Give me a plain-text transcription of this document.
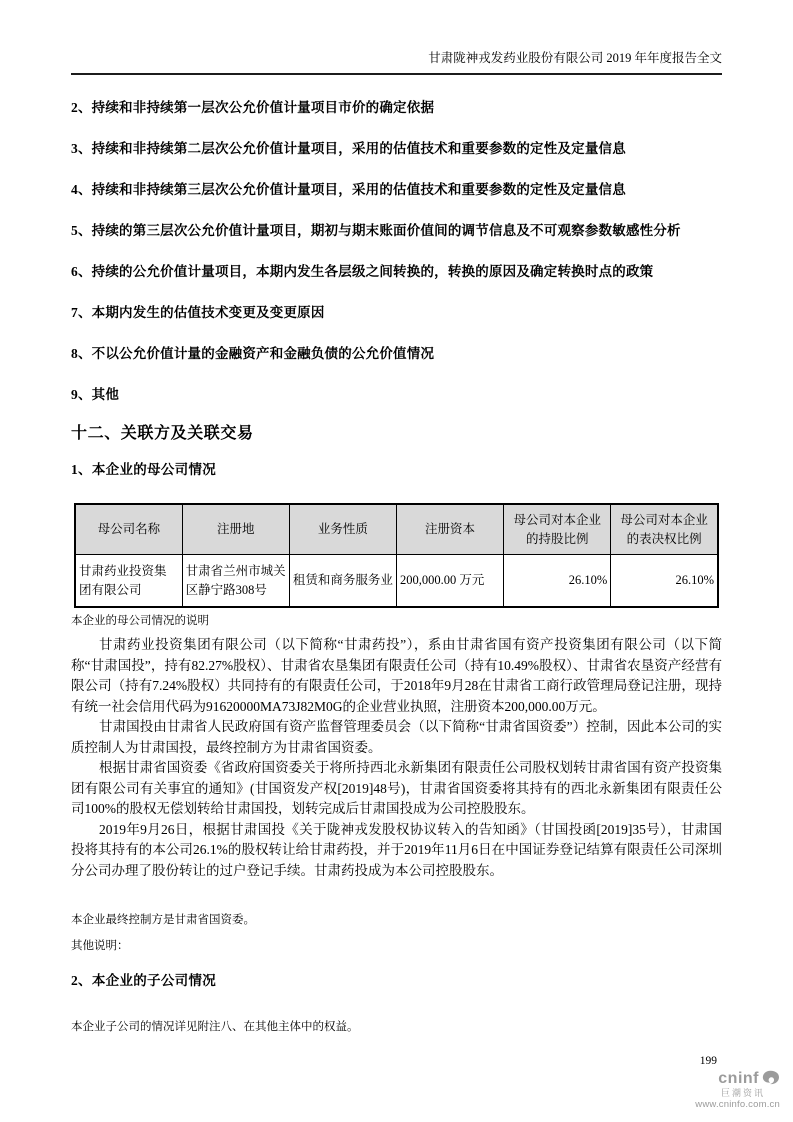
甘肃陇神戎发药业股份有限公司 2019 年年度报告全文
2、持续和非持续第一层次公允价值计量项目市价的确定依据
3、持续和非持续第二层次公允价值计量项目，采用的估值技术和重要参数的定性及定量信息
4、持续和非持续第三层次公允价值计量项目，采用的估值技术和重要参数的定性及定量信息
5、持续的第三层次公允价值计量项目，期初与期末账面价值间的调节信息及不可观察参数敏感性分析
6、持续的公允价值计量项目，本期内发生各层级之间转换的，转换的原因及确定转换时点的政策
7、本期内发生的估值技术变更及变更原因
8、不以公允价值计量的金融资产和金融负债的公允价值情况
9、其他
十二、关联方及关联交易
1、本企业的母公司情况
母公司名称	注册地	业务性质	注册资本	母公司对本企业的持股比例	母公司对本企业的表决权比例
甘肃药业投资集团有限公司	甘肃省兰州市城关区静宁路308号	租赁和商务服务业	200,000.00 万元	26.10%	26.10%
本企业的母公司情况的说明

甘肃药业投资集团有限公司（以下简称“甘肃药投”），系由甘肃省国有资产投资集团有限公司（以下简称“甘肃国投”，持有82.27%股权）、甘肃省农垦集团有限责任公司（持有10.49%股权）、甘肃省农垦资产经营有限公司（持有7.24%股权）共同持有的有限责任公司，于2018年9月28在甘肃省工商行政管理局登记注册，现持有统一社会信用代码为91620000MA73J82M0G的企业营业执照，注册资本200,000.00万元。

甘肃国投由甘肃省人民政府国有资产监督管理委员会（以下简称“甘肃省国资委”）控制，因此本公司的实质控制人为甘肃国投，最终控制方为甘肃省国资委。

根据甘肃省国资委《省政府国资委关于将所持西北永新集团有限责任公司股权划转甘肃省国有资产投资集团有限公司有关事宜的通知》(甘国资发产权[2019]48号)，甘肃省国资委将其持有的西北永新集团有限责任公司100%的股权无偿划转给甘肃国投，划转完成后甘肃国投成为公司控股股东。

2019年9月26日，根据甘肃国投《关于陇神戎发股权协议转入的告知函》（甘国投函[2019]35号），甘肃国投将其持有的本公司26.1%的股权转让给甘肃药投，并于2019年11月6日在中国证券登记结算有限责任公司深圳分公司办理了股份转让的过户登记手续。甘肃药投成为本公司控股股东。

本企业最终控制方是甘肃省国资委。
其他说明：
2、本企业的子公司情况
本企业子公司的情况详见附注八、在其他主体中的权益。
199
cninf
巨潮资讯
www.cninfo.com.cn
